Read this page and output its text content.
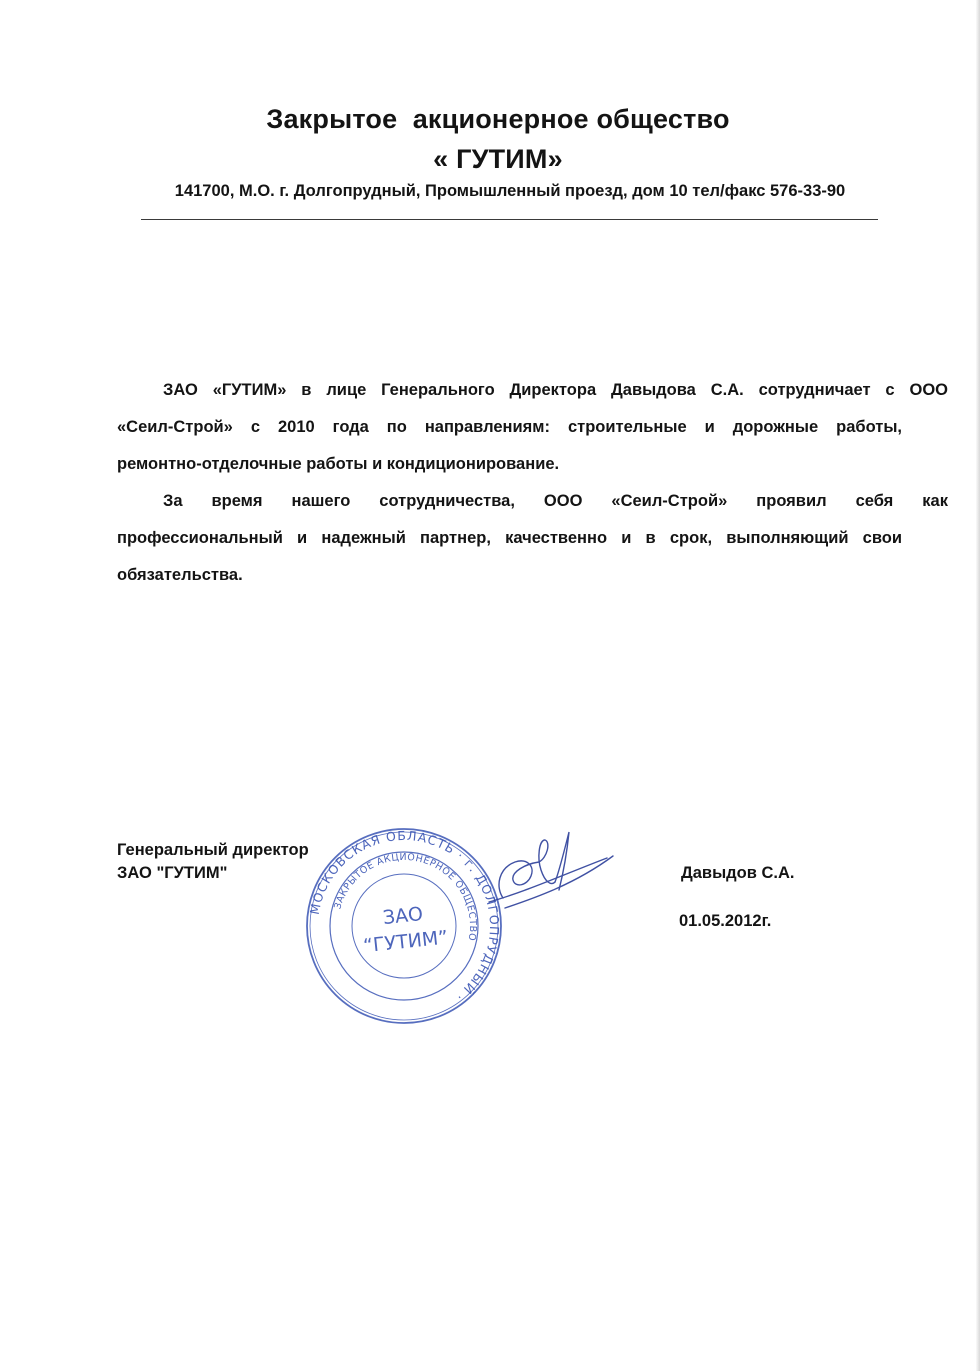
Закрытое  акционерное общество
« ГУТИМ»
141700, М.О. г. Долгопрудный, Промышленный проезд, дом 10 тел/факс 576-33-90
ЗАО «ГУТИМ» в лице Генерального Директора Давыдова С.А. сотрудничает с ООО
«Сеил-Строй» с 2010 года по направлениям: строительные и дорожные работы,
ремонтно-отделочные работы и кондиционирование.
За время нашего сотрудничества, ООО «Сеил-Строй» проявил себя как
профессиональный и надежный партнер, качественно и в срок, выполняющий свои
обязательства.
Генеральный директор
ЗАО "ГУТИМ"	Давыдов С.А.
01.05.2012г.
МОСКОВСКАЯ ОБЛАСТЬ · г. ДОЛГОПРУДНЫЙ ·
ЗАКРЫТОЕ АКЦИОНЕРНОЕ ОБЩЕСТВО
ЗАО
“ГУТИМ”
